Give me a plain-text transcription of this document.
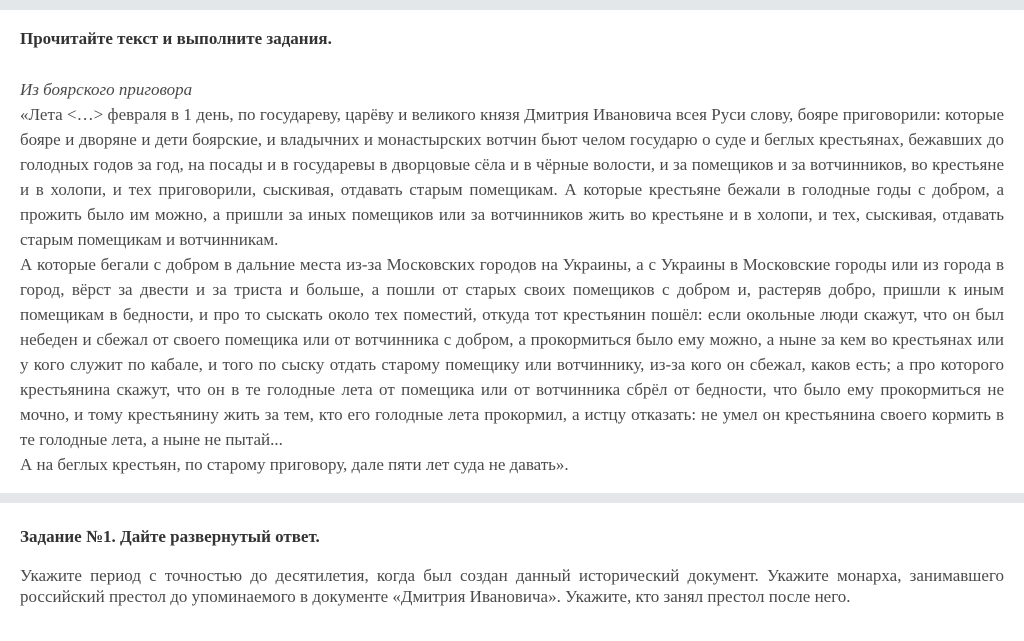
Прочитайте текст и выполните задания.
Из боярского приговора

«Лета <…> февраля в 1 день, по государеву, царёву и великого князя Дмитрия Ивановича всея Руси слову, бояре приговорили: которые бояре и дворяне и дети боярские, и владычних и монастырских вотчин бьют челом государю о суде и беглых крестьянах, бежавших до голодных годов за год, на посады и в государевы в дворцовые сёла и в чёрные волости, и за помещиков и за вотчинников, во крестьяне и в холопи, и тех приговорили, сыскивая, отдавать старым помещикам. А которые крестьяне бежали в голодные годы с добром, а прожить было им можно, а пришли за иных помещиков или за вотчинников жить во крестьяне и в холопи, и тех, сыскивая, отдавать старым помещикам и вотчинникам.

А которые бегали с добром в дальние места из-за Московских городов на Украины, а с Украины в Московские городы или из города в город, вёрст за двести и за триста и больше, а пошли от старых своих помещиков с добром и, растеряв добро, пришли к иным помещикам в бедности, и про то сыскать около тех поместий, откуда тот крестьянин пошёл: если окольные люди скажут, что он был небеден и сбежал от своего помещика или от вотчинника с добром, а прокормиться было ему можно, а ныне за кем во крестьянах или у кого служит по кабале, и того по сыску отдать старому помещику или вотчиннику, из-за кого он сбежал, каков есть; а про которого крестьянина скажут, что он в те голодные лета от помещика или от вотчинника сбрёл от бедности, что было ему прокормиться не мочно, и тому крестьянину жить за тем, кто его голодные лета прокормил, а истцу отказать: не умел он крестьянина своего кормить в те голодные лета, а ныне не пытай...

А на беглых крестьян, по старому приговору, дале пяти лет суда не давать».

Задание №1. Дайте развернутый ответ.

Укажите период с точностью до десятилетия, когда был создан данный исторический документ. Укажите монарха, занимавшего российский престол до упоминаемого в документе «Дмитрия Ивановича». Укажите, кто занял престол после него.
